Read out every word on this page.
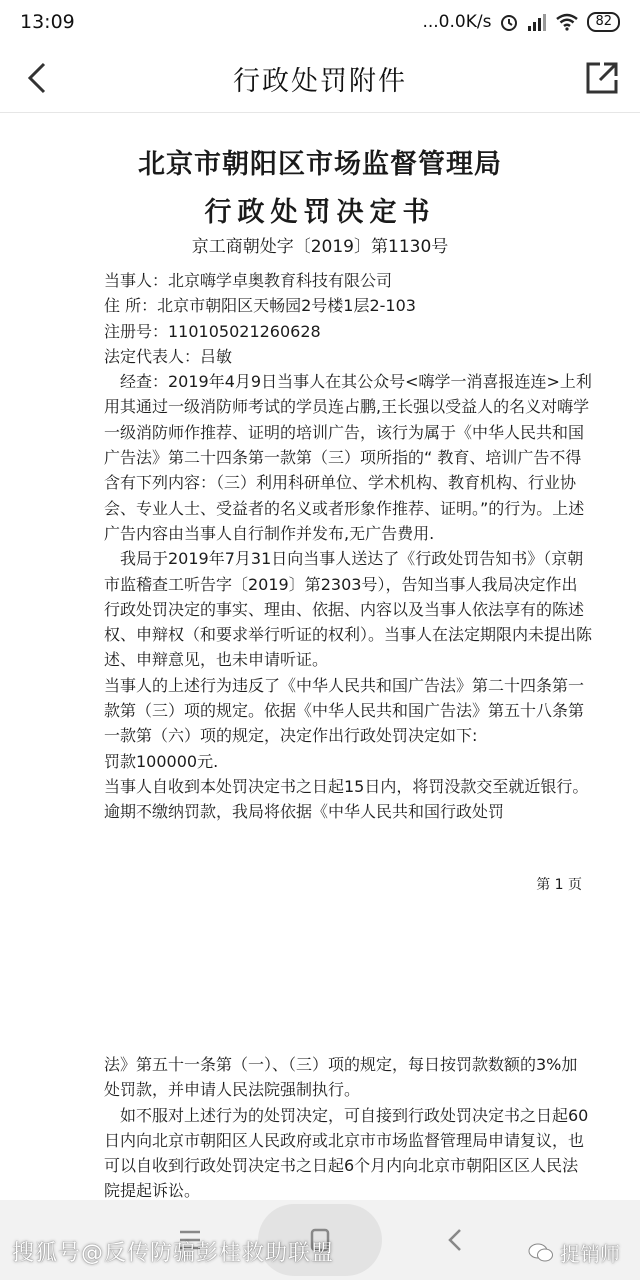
13:09	...0.0K/s	82
行政处罚附件
北京市朝阳区市场监督管理局
行政处罚决定书
京工商朝处字〔2019〕第1130号

当事人：北京嗨学卓奥教育科技有限公司

住 所：北京市朝阳区天畅园2号楼1层2-103

注册号：110105021260628

法定代表人：吕敏

经查：2019年4月9日当事人在其公众号<嗨学一消喜报连连>上利用其通过一级消防师考试的学员连占鹏,王长强以受益人的名义对嗨学一级消防师作推荐、证明的培训广告，该行为属于《中华人民共和国广告法》第二十四条第一款第（三）项所指的“ 教育、培训广告不得含有下列内容：（三）利用科研单位、学术机构、教育机构、行业协会、专业人士、受益者的名义或者形象作推荐、证明。”的行为。上述广告内容由当事人自行制作并发布,无广告费用.

我局于2019年7月31日向当事人送达了《行政处罚告知书》（京朝市监稽查工听告字〔2019〕第2303号），告知当事人我局决定作出行政处罚决定的事实、理由、依据、内容以及当事人依法享有的陈述权、申辩权（和要求举行听证的权利）。当事人在法定期限内未提出陈述、申辩意见，也未申请听证。

当事人的上述行为违反了《中华人民共和国广告法》第二十四条第一款第（三）项的规定。依据《中华人民共和国广告法》第五十八条第一款第（六）项的规定，决定作出行政处罚决定如下:

罚款100000元.

当事人自收到本处罚决定书之日起15日内，将罚没款交至就近银行。逾期不缴纳罚款，我局将依据《中华人民共和国行政处罚

第 1 页

法》第五十一条第（一）、（三）项的规定，每日按罚款数额的3%加处罚款，并申请人民法院强制执行。

如不服对上述行为的处罚决定，可自接到行政处罚决定书之日起60日内向北京市朝阳区人民政府或北京市市场监督管理局申请复议，也可以自收到行政处罚决定书之日起6个月内向北京市朝阳区区人民法院提起诉讼。

搜狐号@反传防骗彭桂救助联盟	捉销师
